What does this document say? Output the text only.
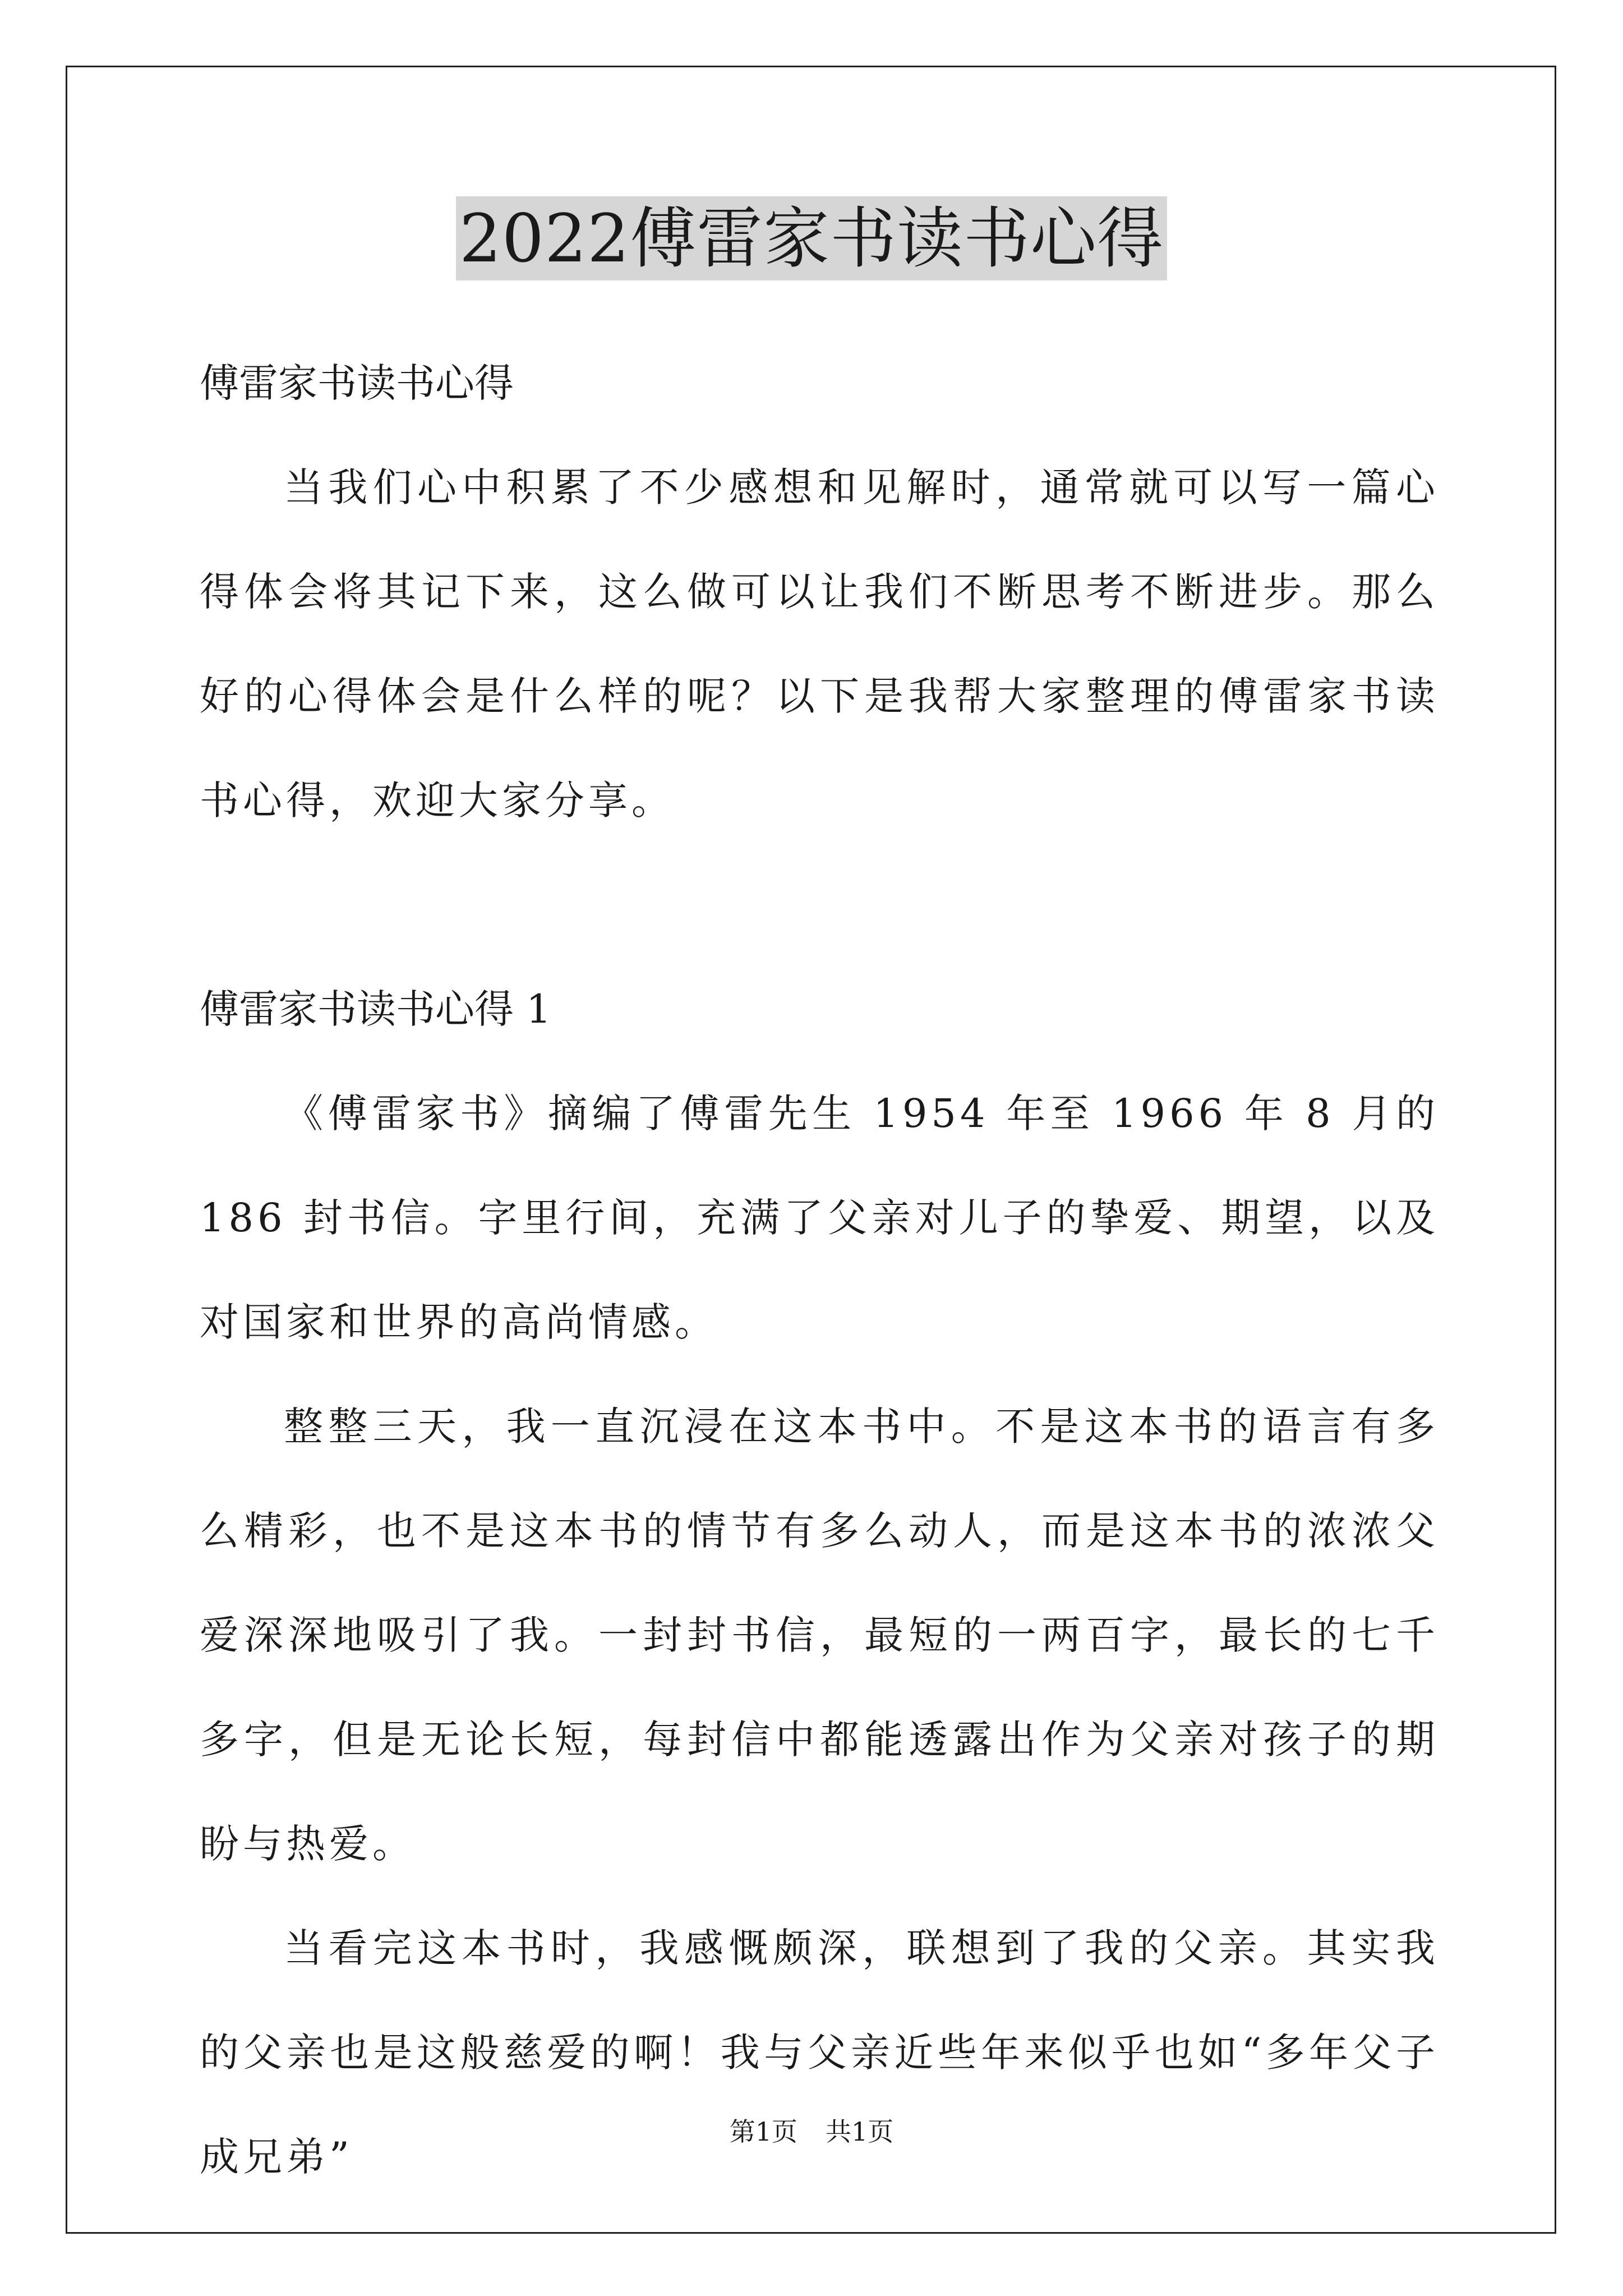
2022傅雷家书读书心得

傅雷家书读书心得

当我们心中积累了不少感想和见解时，通常就可以写一篇心得体会将其记下来，这么做可以让我们不断思考不断进步。那么好的心得体会是什么样的呢？以下是我帮大家整理的傅雷家书读书心得，欢迎大家分享。

傅雷家书读书心得 1

《傅雷家书》摘编了傅雷先生 1954 年至 1966 年 8 月的 186 封书信。字里行间，充满了父亲对儿子的挚爱、期望，以及对国家和世界的高尚情感。

整整三天，我一直沉浸在这本书中。不是这本书的语言有多么精彩，也不是这本书的情节有多么动人，而是这本书的浓浓父爱深深地吸引了我。一封封书信，最短的一两百字，最长的七千多字，但是无论长短，每封信中都能透露出作为父亲对孩子的期盼与热爱。

当看完这本书时，我感慨颇深，联想到了我的父亲。其实我的父亲也是这般慈爱的啊！我与父亲近些年来似乎也如“多年父子成兄弟”

第1页 共1页
